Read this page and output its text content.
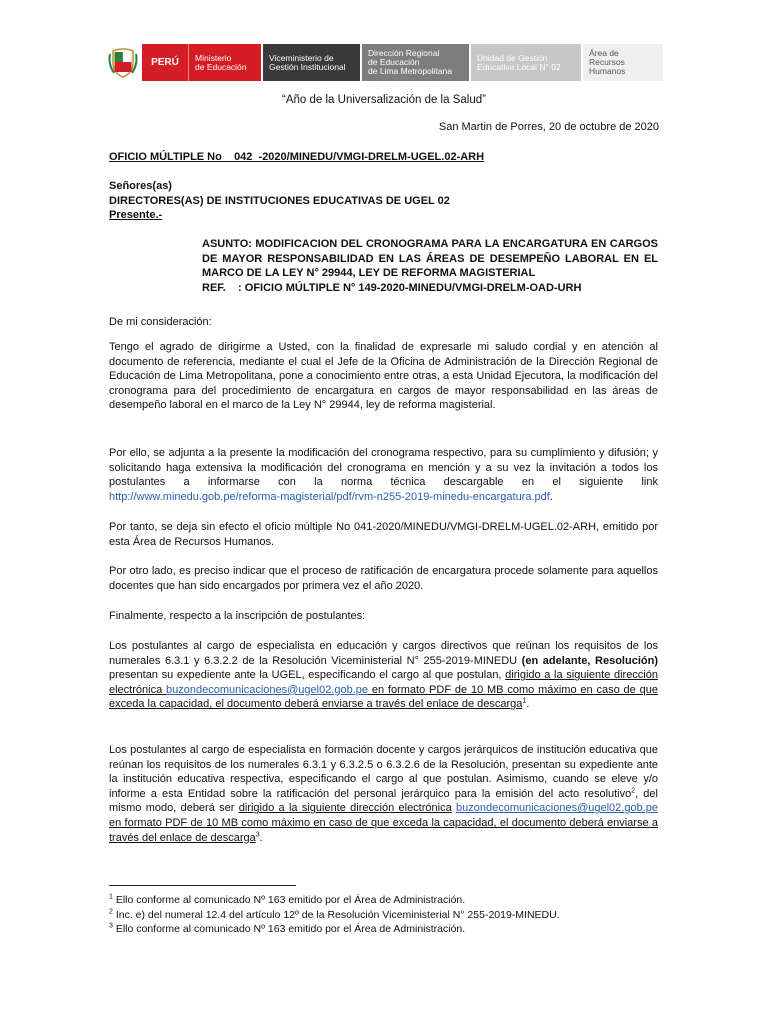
PERÚ	Ministerio
de Educación
Viceministerio de
Gestión Institucional
Dirección Regional
de Educación
de Lima Metropolitana
Unidad de Gestión
Educativa Local N° 02
Área de
Recursos Humanos
“Año de la Universalización de la Salud”
San Martin de Porres, 20 de octubre de 2020
OFICIO MÚLTIPLE No    042  -2020/MINEDU/VMGI-DRELM-UGEL.02-ARH
Señores(as)
DIRECTORES(AS) DE INSTITUCIONES EDUCATIVAS DE UGEL 02
Presente.-
ASUNTO: MODIFICACION DEL CRONOGRAMA PARA LA ENCARGATURA EN CARGOS DE MAYOR RESPONSABILIDAD EN LAS ÁREAS DE DESEMPEÑO LABORAL EN EL MARCO DE LA LEY N° 29944, LEY DE REFORMA MAGISTERIAL
REF.    : OFICIO MÚLTIPLE N° 149-2020-MINEDU/VMGI-DRELM-OAD-URH
De mi consideración:
Tengo el agrado de dirigirme a Usted, con la finalidad de expresarle mi saludo cordial y en atención al documento de referencia, mediante el cual el Jefe de la Oficina de Administración de la Dirección Regional de Educación de Lima Metropolitana, pone a conocimiento entre otras, a esta Unidad Ejecutora, la modificación del cronograma para del procedimiento de encargatura en cargos de mayor responsabilidad en las áreas de desempeño laboral en el marco de la Ley N° 29944, ley de reforma magisterial.
Por ello, se adjunta a la presente la modificación del cronograma respectivo, para su cumplimiento y difusión; y solicitando haga extensiva la modificación del cronograma en mención y a su vez la invitación a todos los postulantes a informarse con la norma técnica descargable en el siguiente link http://www.minedu.gob.pe/reforma-magisterial/pdf/rvm-n255-2019-minedu-encargatura.pdf.
Por tanto, se deja sin efecto el oficio múltiple No 041-2020/MINEDU/VMGI-DRELM-UGEL.02-ARH, emitido por esta Área de Recursos Humanos.
Por otro lado, es preciso indicar que el proceso de ratificación de encargatura procede solamente para aquellos docentes que han sido encargados por primera vez el año 2020.
Finalmente, respecto a la inscripción de postulantes:
Los postulantes al cargo de especialista en educación y cargos directivos que reúnan los requisitos de los numerales 6.3.1 y 6.3.2.2 de la Resolución Viceministerial N° 255-2019-MINEDU (en adelante, Resolución) presentan su expediente ante la UGEL, especificando el cargo al que postulan, dirigido a la siguiente dirección electrónica buzondecomunicaciones@ugel02.gob.pe en formato PDF de 10 MB como máximo en caso de que exceda la capacidad, el documento deberá enviarse a través del enlace de descarga$^1$.
Los postulantes al cargo de especialista en formación docente y cargos jerárquicos de institución educativa que reúnan los requisitos de los numerales 6.3.1 y 6.3.2.5 o 6.3.2.6 de la Resolución, presentan su expediente ante la institución educativa respectiva, especificando el cargo al que postulan. Asimismo, cuando se eleve y/o informe a esta Entidad sobre la ratificación del personal jerárquico para la emisión del acto resolutivo$^2$, del mismo modo, deberá ser dirigido a la siguiente dirección electrónica buzondecomunicaciones@ugel02.gob.pe en formato PDF de 10 MB como máximo en caso de que exceda la capacidad, el documento deberá enviarse a través del enlace de descarga$^3$.
$^1$ Ello conforme al comunicado Nº 163 emitido por el Área de Administración.
$^2$ Inc. e) del numeral 12.4 del artículo 12º de la Resolución Viceministerial N° 255-2019-MINEDU.
$^3$ Ello conforme al comunicado Nº 163 emitido por el Área de Administración.
